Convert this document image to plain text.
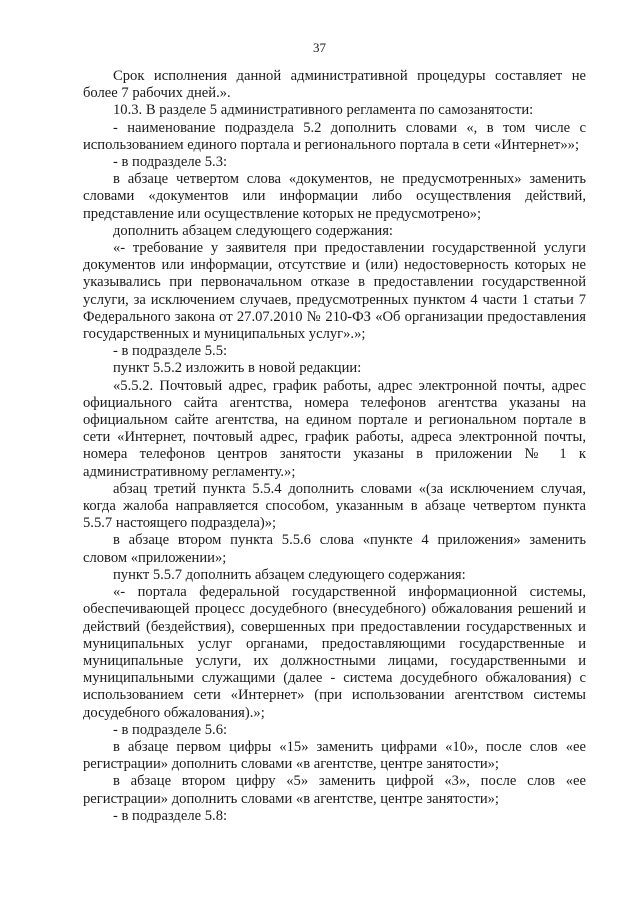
37

Срок исполнения данной административной процедуры составляет не более 7 рабочих дней.».

10.3. В разделе 5 административного регламента по самозанятости:

- наименование подраздела 5.2 дополнить словами «, в том числе с использованием единого портала и регионального портала в сети «Интернет»»;

- в подразделе 5.3:

в абзаце четвертом слова «документов, не предусмотренных» заменить словами «документов или информации либо осуществления действий, представление или осуществление которых не предусмотрено»;

дополнить абзацем следующего содержания:

«- требование у заявителя при предоставлении государственной услуги документов или информации, отсутствие и (или) недостоверность которых не указывались при первоначальном отказе в предоставлении государственной услуги, за исключением случаев, предусмотренных пунктом 4 части 1 статьи 7 Федерального закона от 27.07.2010 № 210-ФЗ «Об организации предоставления государственных и муниципальных услуг».»;

- в подразделе 5.5:

пункт 5.5.2 изложить в новой редакции:

«5.5.2. Почтовый адрес, график работы, адрес электронной почты, адрес официального сайта агентства, номера телефонов агентства указаны на официальном сайте агентства, на едином портале и региональном портале в сети «Интернет, почтовый адрес, график работы, адреса электронной почты, номера телефонов центров занятости указаны в приложении № 1 к административному регламенту.»;

абзац третий пункта 5.5.4 дополнить словами «(за исключением случая, когда жалоба направляется способом, указанным в абзаце четвертом пункта 5.5.7 настоящего подраздела)»;

в абзаце втором пункта 5.5.6 слова «пункте 4 приложения» заменить словом «приложении»;

пункт 5.5.7 дополнить абзацем следующего содержания:

«- портала федеральной государственной информационной системы, обеспечивающей процесс досудебного (внесудебного) обжалования решений и действий (бездействия), совершенных при предоставлении государственных и муниципальных услуг органами, предоставляющими государственные и муниципальные услуги, их должностными лицами, государственными и муниципальными служащими (далее - система досудебного обжалования) с использованием сети «Интернет» (при использовании агентством системы досудебного обжалования).»;

- в подразделе 5.6:

в абзаце первом цифры «15» заменить цифрами «10», после слов «ее регистрации» дополнить словами «в агентстве, центре занятости»;

в абзаце втором цифру «5» заменить цифрой «3», после слов «ее регистрации» дополнить словами «в агентстве, центре занятости»;

- в подразделе 5.8:
